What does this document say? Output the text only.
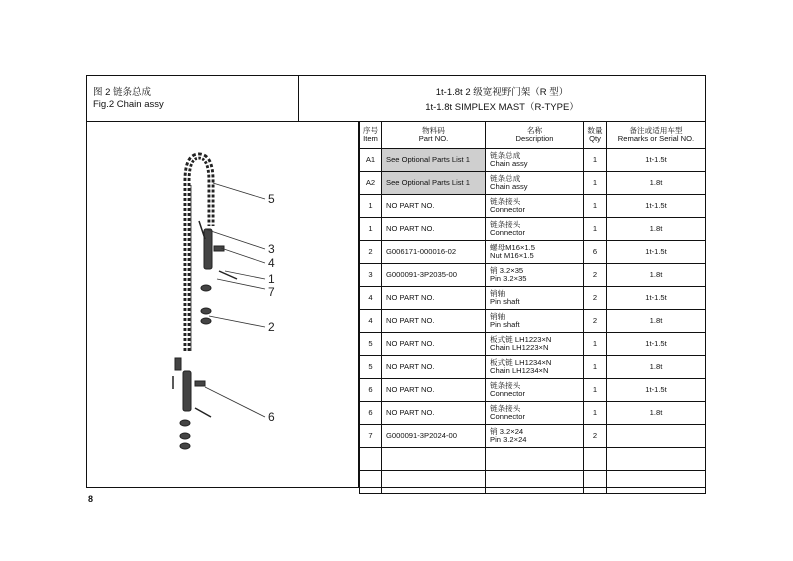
图 2 链条总成
Fig.2 Chain assy
1t-1.8t 2 级宽视野门架（R 型）
1t-1.8t SIMPLEX MAST（R-TYPE）
5
3
4
1
7
2
6
序号
Item	物料码
Part NO.	名称
Description	数量
Qty	备注或适用车型
Remarks or Serial NO.
A1	See Optional Parts List 1	链条总成
Chain assy	1	1t-1.5t
A2	See Optional Parts List 1	链条总成
Chain assy	1	1.8t
1	NO PART NO.	链条接头
Connector	1	1t-1.5t
1	NO PART NO.	链条接头
Connector	1	1.8t
2	G006171-000016-02	螺母M16×1.5
Nut M16×1.5	6	1t-1.5t
3	G000091-3P2035-00	销 3.2×35
Pin 3.2×35	2	1.8t
4	NO PART NO.	销轴
Pin shaft	2	1t-1.5t
4	NO PART NO.	销轴
Pin shaft	2	1.8t
5	NO PART NO.	板式链 LH1223×N
Chain LH1223×N	1	1t-1.5t
5	NO PART NO.	板式链 LH1234×N
Chain LH1234×N	1	1.8t
6	NO PART NO.	链条接头
Connector	1	1t-1.5t
6	NO PART NO.	链条接头
Connector	1	1.8t
7	G000091-3P2024-00	销 3.2×24
Pin 3.2×24	2	

8
